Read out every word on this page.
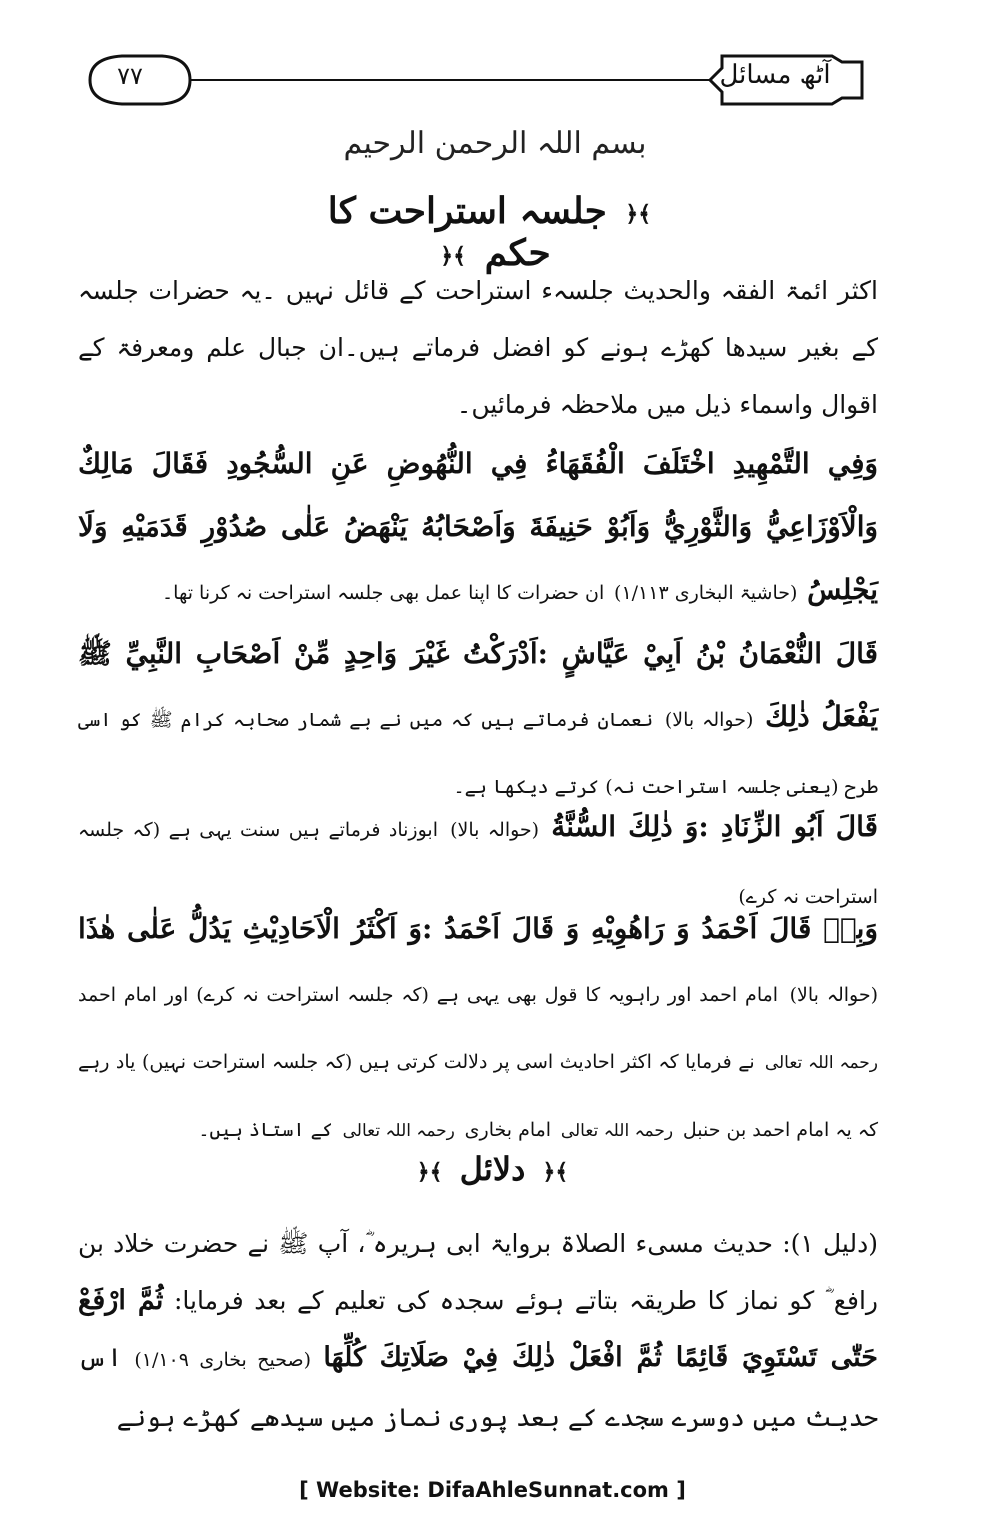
۷۷	آٹھ مسائل
بسم اللہ الرحمن الرحیم
﴾﴿ جلسہ استراحت کا حکم ﴾﴿

اکثر ائمۃ الفقہ والحدیث جلسہء استراحت کے قائل نہیں ۔یہ حضرات جلسہ کے بغیر سیدھا کھڑے ہونے کو افضل فرماتے ہیں۔ان جبال علم ومعرفۃ کے اقوال واسماء ذیل میں ملاحظہ فرمائیں۔

وَفِي التَّمْهِيدِ اخْتَلَفَ الْفُقَهَاءُ فِي النُّهُوضِ عَنِ السُّجُودِ فَقَالَ مَالِكٌ وَالْاَوْزَاعِيُّ وَالثَّوْرِيُّ وَاَبُوْ حَنِيفَةَ وَاَصْحَابُهُ يَنْهَضُ عَلٰى صُدُوْرِ قَدَمَيْهِ وَلَا يَجْلِسُ (حاشیۃ البخاری ۱/۱۱۳) ان حضرات کا اپنا عمل بھی جلسہ استراحت نہ کرنا تھا۔

قَالَ النُّعْمَانُ بْنُ اَبِيْ عَيَّاشٍ :اَدْرَكْتُ غَيْرَ وَاحِدٍ مِّنْ اَصْحَابِ النَّبِيِّ ﷺ يَفْعَلُ ذٰلِكَ (حوالہ بالا) نعمان فرماتے ہیں کہ میں نے بے شمار صحابہ کرام ﷺ کو اسی طرح (یعنی جلسہ استراحت نہ) کرتے دیکھا ہے۔

قَالَ اَبُو الزِّنَادِ :وَ ذٰلِكَ السُّنَّةُ (حوالہ بالا) ابوزناد فرماتے ہیں سنت یہی ہے (کہ جلسہ استراحت نہ کرے)

وَبِهٖ قَالَ اَحْمَدُ وَ رَاهُوِيْهِ وَ قَالَ اَحْمَدُ :وَ اَكْثَرُ الْاَحَادِيْثِ يَدُلُّ عَلٰى هٰذَا (حوالہ بالا) امام احمد اور راہویہ کا قول بھی یہی ہے (کہ جلسہ استراحت نہ کرے) اور امام احمد رحمہ اللہ تعالی نے فرمایا کہ اکثر احادیث اسی پر دلالت کرتی ہیں (کہ جلسہ استراحت نہیں) یاد رہے کہ یہ امام احمد بن حنبل رحمہ اللہ تعالی امام بخاری رحمہ اللہ تعالی کے استاذ ہیں۔

﴾﴿ دلائل ﴾﴿

(دلیل ۱): حدیث مسیء الصلاۃ بروایۃ ابی ہریرہ ؓ، آپ ﷺ نے حضرت خلاد بن رافع ؓ کو نماز کا طریقہ بتاتے ہوئے سجدہ کی تعلیم کے بعد فرمایا: ثُمَّ ارْفَعْ حَتّٰى تَسْتَوِيَ قَائِمًا ثُمَّ افْعَلْ ذٰلِكَ فِيْ صَلَاتِكَ كُلِّهَا (صحیح بخاری ۱/۱۰۹) اس حدیث میں دوسرے سجدے کے بعد پوری نماز میں سیدھے کھڑے ہونے

[ Website: DifaAhleSunnat.com ]
